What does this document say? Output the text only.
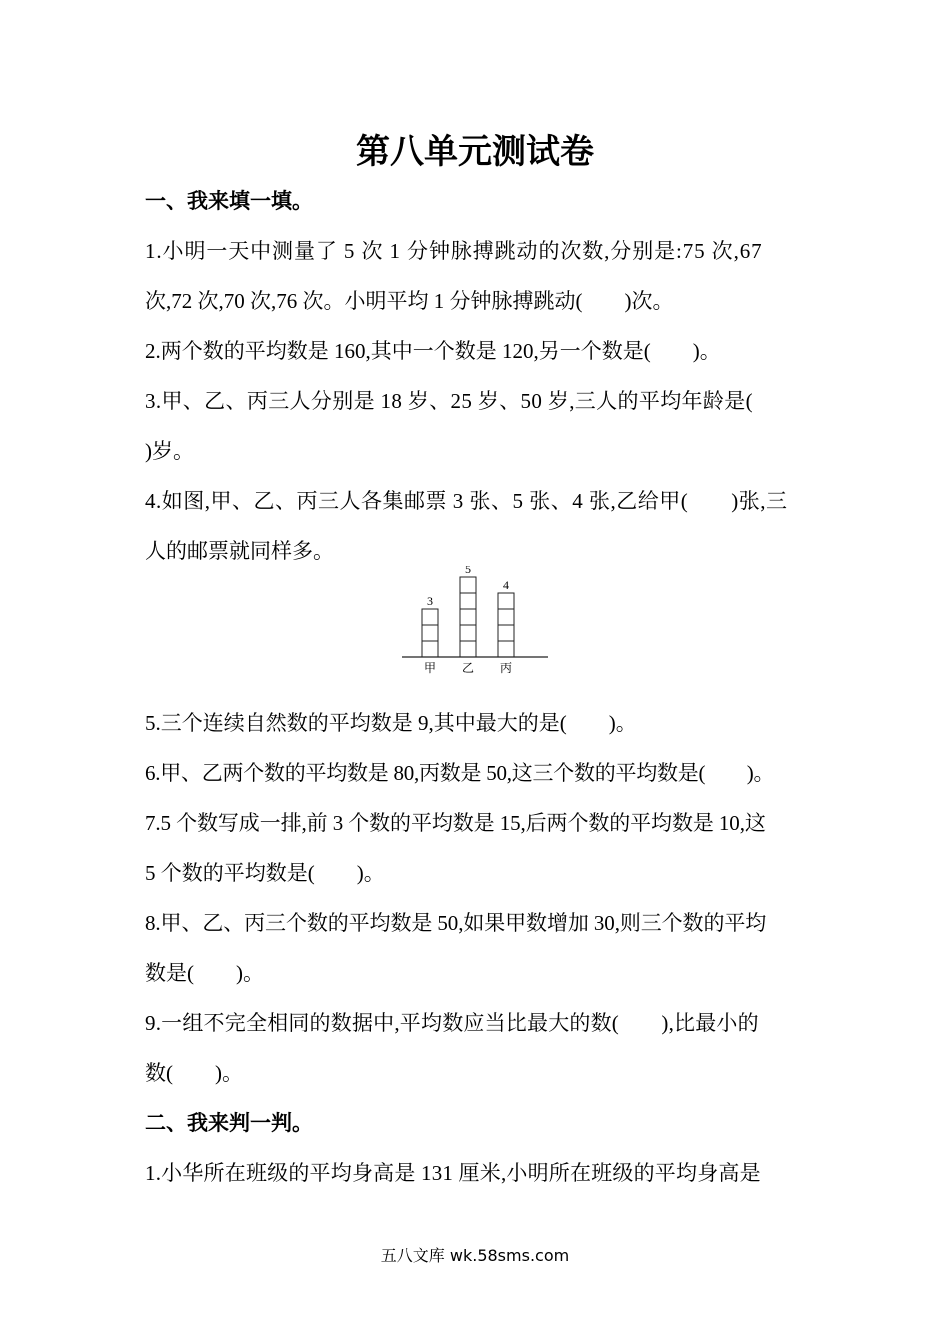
第八单元测试卷
一、我来填一填。
1.小明一天中测量了 5 次 1 分钟脉搏跳动的次数,分别是:75 次,67
次,72 次,70 次,76 次。小明平均 1 分钟脉搏跳动(　　)次。
2.两个数的平均数是 160,其中一个数是 120,另一个数是(　　)。
3.甲、乙、丙三人分别是 18 岁、25 岁、50 岁,三人的平均年龄是(
)岁。
4.如图,甲、乙、丙三人各集邮票 3 张、5 张、4 张,乙给甲(　　)张,三
人的邮票就同样多。
3
甲
5
乙
4
丙
5.三个连续自然数的平均数是 9,其中最大的是(　　)。
6.甲、乙两个数的平均数是 80,丙数是 50,这三个数的平均数是(　　)。
7.5 个数写成一排,前 3 个数的平均数是 15,后两个数的平均数是 10,这
5 个数的平均数是(　　)。
8.甲、乙、丙三个数的平均数是 50,如果甲数增加 30,则三个数的平均
数是(　　)。
9.一组不完全相同的数据中,平均数应当比最大的数(　　),比最小的
数(　　)。
二、我来判一判。
1.小华所在班级的平均身高是 131 厘米,小明所在班级的平均身高是
五八文库 wk.58sms.com
